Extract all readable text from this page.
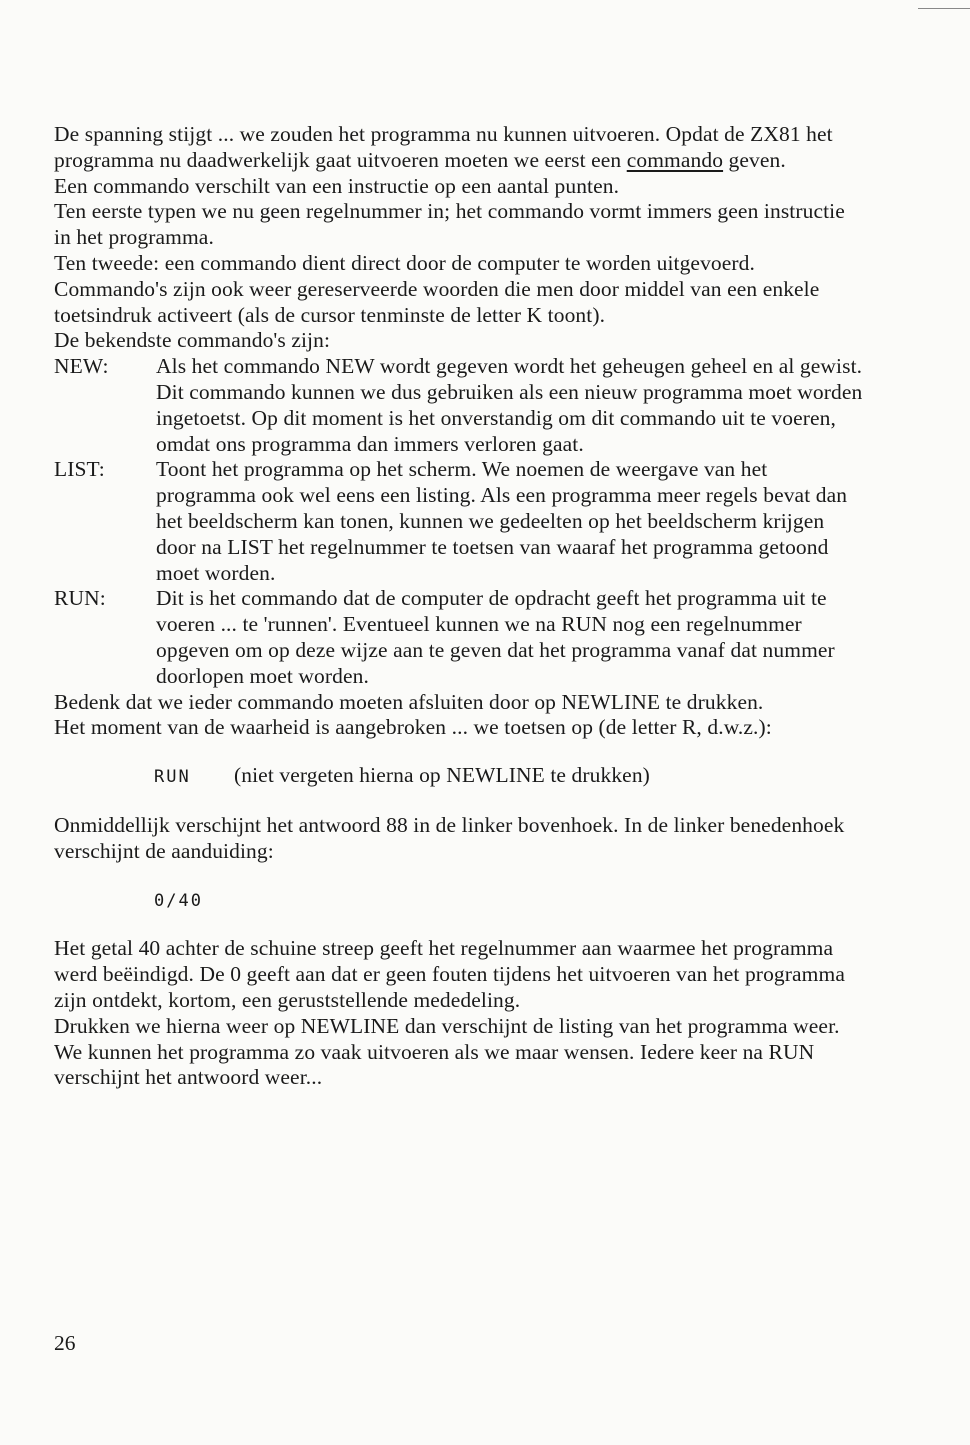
De spanning stijgt ... we zouden het programma nu kunnen uitvoeren. Opdat de ZX81 het programma nu daadwerkelijk gaat uitvoeren moeten we eerst een commando geven.

Een commando verschilt van een instructie op een aantal punten.

Ten eerste typen we nu geen regelnummer in; het commando vormt immers geen instructie in het programma.

Ten tweede: een commando dient direct door de computer te worden uitgevoerd.

Commando's zijn ook weer gereserveerde woorden die men door middel van een enkele toetsindruk activeert (als de cursor tenminste de letter K toont).

De bekendste commando's zijn:

NEW:	Als het commando NEW wordt gegeven wordt het geheugen geheel en al gewist. Dit commando kunnen we dus gebruiken als een nieuw programma moet worden ingetoetst. Op dit moment is het onverstandig om dit commando uit te voeren, omdat ons programma dan immers verloren gaat.
LIST:	Toont het programma op het scherm. We noemen de weergave van het programma ook wel eens een listing. Als een programma meer regels bevat dan het beeldscherm kan tonen, kunnen we gedeelten op het beeldscherm krijgen door na LIST het regelnummer te toetsen van waaraf het programma getoond moet worden.
RUN:	Dit is het commando dat de computer de opdracht geeft het programma uit te voeren ... te 'runnen'. Eventueel kunnen we na RUN nog een regelnummer opgeven om op deze wijze aan te geven dat het programma vanaf dat nummer doorlopen moet worden.

Bedenk dat we ieder commando moeten afsluiten door op NEWLINE te drukken.

Het moment van de waarheid is aangebroken ... we toetsen op (de letter R, d.w.z.):

RUN (niet vergeten hierna op NEWLINE te drukken)

Onmiddellijk verschijnt het antwoord 88 in de linker bovenhoek. In de linker benedenhoek verschijnt de aanduiding:

0/40

Het getal 40 achter de schuine streep geeft het regelnummer aan waarmee het programma werd beëindigd. De 0 geeft aan dat er geen fouten tijdens het uitvoeren van het programma zijn ontdekt, kortom, een geruststellende mededeling.

Drukken we hierna weer op NEWLINE dan verschijnt de listing van het programma weer. We kunnen het programma zo vaak uitvoeren als we maar wensen. Iedere keer na RUN verschijnt het antwoord weer...

26
